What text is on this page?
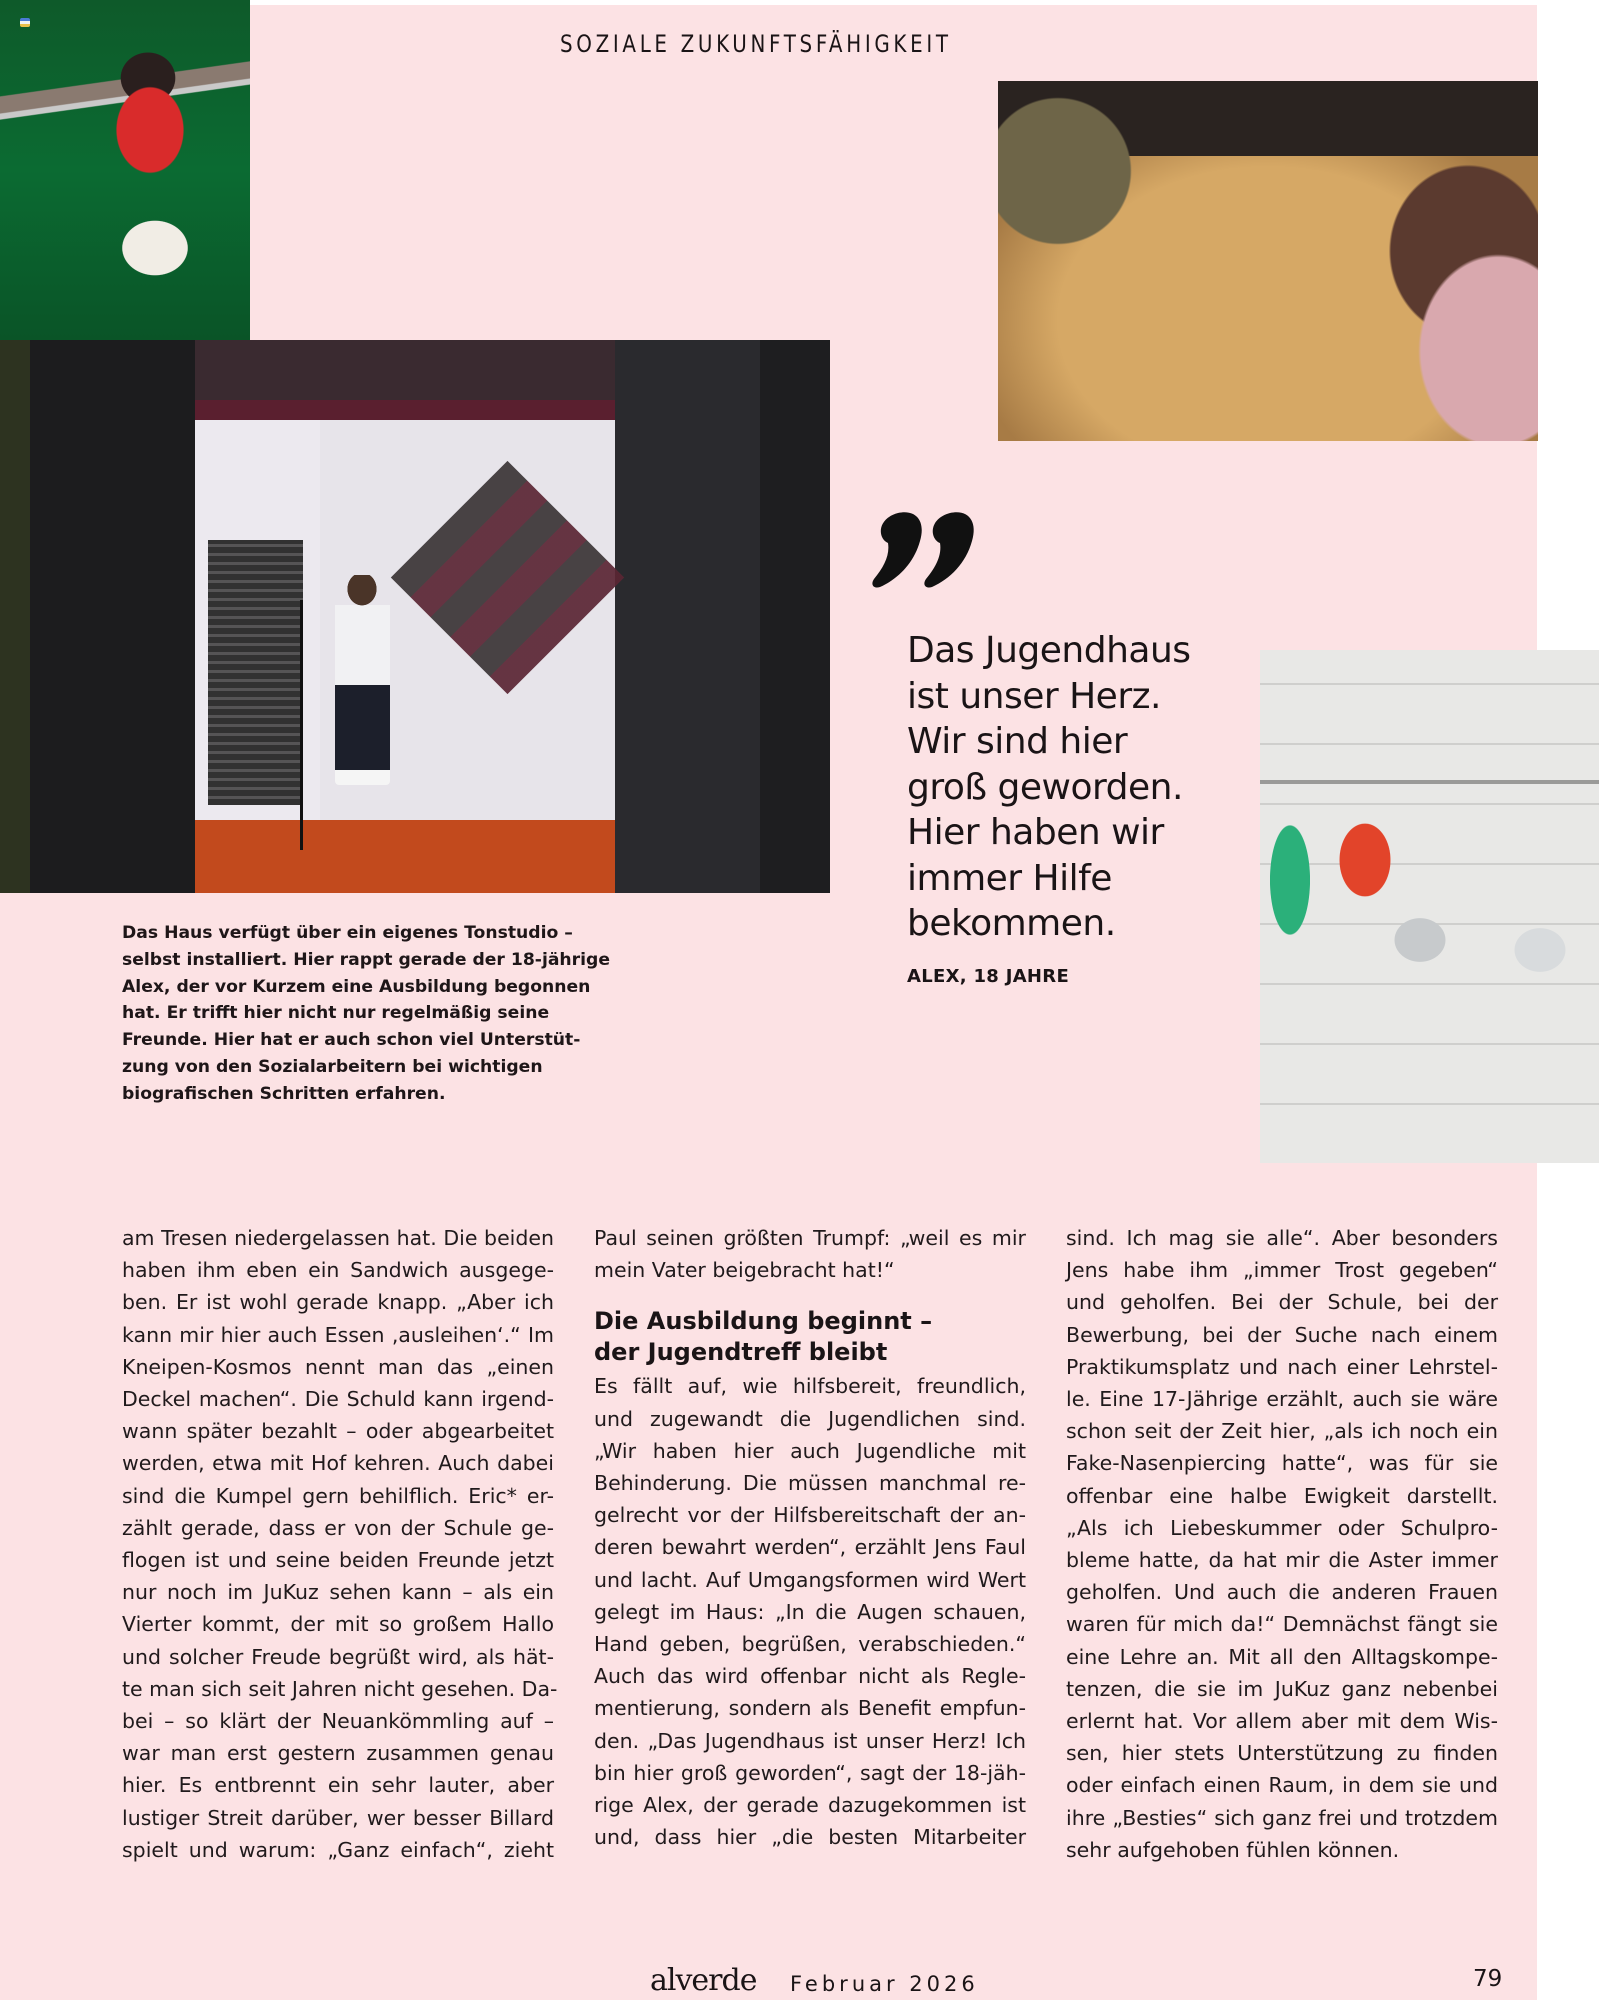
SOZIALE ZUKUNFTSFÄHIGKEIT
Das Haus verfügt über ein eigenes Tonstudio –
selbst installiert. Hier rappt gerade der 18-jährige
Alex, der vor Kurzem eine Ausbildung begonnen
hat. Er trifft hier nicht nur regelmäßig seine
Freunde. Hier hat er auch schon viel Unterstüt-
zung von den Sozialarbeitern bei wichtigen
biografischen Schritten erfahren.
Das Jugendhaus
ist unser Herz.
Wir sind hier
groß geworden.
Hier haben wir
immer Hilfe
bekommen.
ALEX, 18 JAHRE
am Tresen niedergelassen hat. Die beiden
haben ihm eben ein Sandwich ausgege-
ben. Er ist wohl gerade knapp. „Aber ich
kann mir hier auch Essen ‚ausleihen‘.“ Im
Kneipen-Kosmos nennt man das „einen
Deckel machen“. Die Schuld kann irgend-
wann später bezahlt – oder abgearbeitet
werden, etwa mit Hof kehren. Auch dabei
sind die Kumpel gern behilflich. Eric* er-
zählt gerade, dass er von der Schule ge-
flogen ist und seine beiden Freunde jetzt
nur noch im JuKuz sehen kann – als ein
Vierter kommt, der mit so großem Hallo
und solcher Freude begrüßt wird, als hät-
te man sich seit Jahren nicht gesehen. Da-
bei – so klärt der Neuankömmling auf –
war man erst gestern zusammen genau
hier. Es entbrennt ein sehr lauter, aber
lustiger Streit darüber, wer besser Billard
spielt und warum: „Ganz einfach“, zieht
Paul seinen größten Trumpf: „weil es mir
mein Vater beigebracht hat!“
Die Ausbildung beginnt –
der Jugendtreff bleibt
Es fällt auf, wie hilfsbereit, freundlich,
und zugewandt die Jugendlichen sind.
„Wir haben hier auch Jugendliche mit
Behinderung. Die müssen manchmal re-
gelrecht vor der Hilfsbereitschaft der an-
deren bewahrt werden“, erzählt Jens Faul
und lacht. Auf Umgangsformen wird Wert
gelegt im Haus: „In die Augen schauen,
Hand geben, begrüßen, verabschieden.“
Auch das wird offenbar nicht als Regle-
mentierung, sondern als Benefit empfun-
den. „Das Jugendhaus ist unser Herz! Ich
bin hier groß geworden“, sagt der 18-jäh-
rige Alex, der gerade dazugekommen ist
und, dass hier „die besten Mitarbeiter
sind. Ich mag sie alle“. Aber besonders
Jens habe ihm „immer Trost gegeben“
und geholfen. Bei der Schule, bei der
Bewerbung, bei der Suche nach einem
Praktikumsplatz und nach einer Lehrstel-
le. Eine 17-Jährige erzählt, auch sie wäre
schon seit der Zeit hier, „als ich noch ein
Fake-Nasenpiercing hatte“, was für sie
offenbar eine halbe Ewigkeit darstellt.
„Als ich Liebeskummer oder Schulpro-
bleme hatte, da hat mir die Aster immer
geholfen. Und auch die anderen Frauen
waren für mich da!“ Demnächst fängt sie
eine Lehre an. Mit all den Alltagskompe-
tenzen, die sie im JuKuz ganz nebenbei
erlernt hat. Vor allem aber mit dem Wis-
sen, hier stets Unterstützung zu finden
oder einfach einen Raum, in dem sie und
ihre „Besties“ sich ganz frei und trotzdem
sehr aufgehoben fühlen können.
alverde Februar 2026	79
